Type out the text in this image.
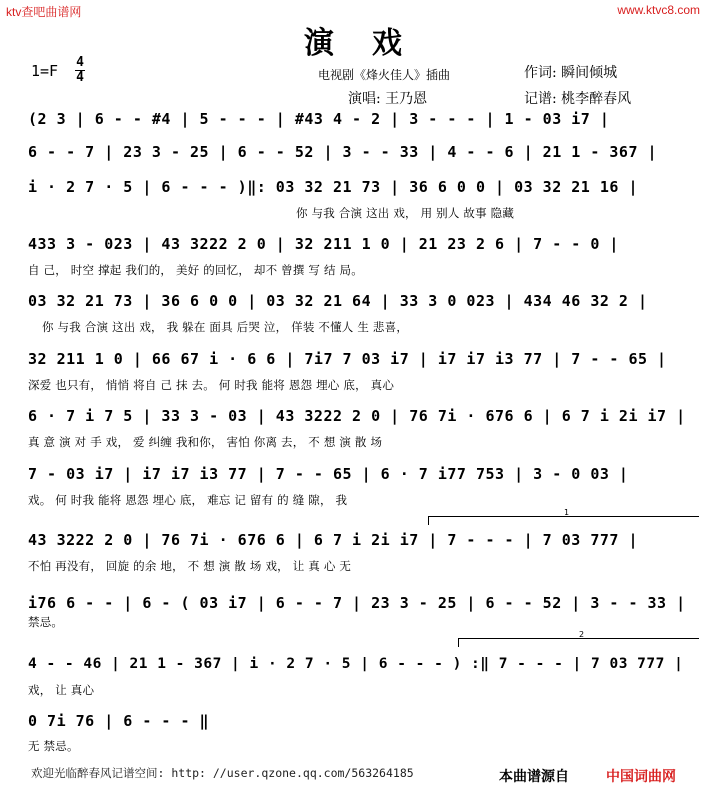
ktv查吧曲谱网	www.ktvc8.com
演戏
1=F 4
4	电视剧《烽火佳人》插曲	作词: 瞬间倾城
演唱: 王乃恩	记谱: 桃李醉春风
(2 3 | 6 - - #4 | 5 - - - | #43 4 - 2 | 3 - - - | 1 - 03 i7 |
6 - - 7 | 23 3 - 25 | 6 - - 52 | 3 - - 33 | 4 - - 6 | 21 1 - 367 |
i · 2 7 · 5 | 6 - - - )‖: 03 32 21 73 | 36 6 0 0 | 03 32 21 16 |
你 与我 合演 这出 戏， 用 别人 故事 隐藏
433 3 - 023 | 43 3222 2 0 | 32 211 1 0 | 21 23 2 6 | 7 - - 0 |
自 己， 时空 撑起 我们的， 美好 的回忆， 却不 曾撰 写 结 局。
03 32 21 73 | 36 6 0 0 | 03 32 21 64 | 33 3 0 023 | 434 46 32 2 |
你 与我 合演 这出 戏， 我 躲在 面具 后哭 泣， 佯装 不懂人 生 悲喜，
32 211 1 0 | 66 67 i · 6 6 | 7i7 7 03 i7 | i7 i7 i3 77 | 7 - - 65 |
深爱 也只有， 悄悄 将自 己 抹 去。 何 时我 能将 恩怨 埋心 底， 真心
6 · 7 i 7 5 | 33 3 - 03 | 43 3222 2 0 | 76 7i · 676 6 | 6 7 i 2i i7 |
真 意 演 对 手 戏， 爱 纠缠 我和你， 害怕 你离 去， 不 想 演 散 场
7 - 03 i7 | i7 i7 i3 77 | 7 - - 65 | 6 · 7 i77 753 | 3 - 0 03 |
戏。 何 时我 能将 恩怨 埋心 底， 难忘 记 留有 的 缝 隙， 我
1
43 3222 2 0 | 76 7i · 676 6 | 6 7 i 2i i7 | 7 - - - | 7 03 777 |
不怕 再没有， 回旋 的余 地， 不 想 演 散 场 戏， 让 真 心 无
i76 6 - - | 6 - ( 03 i7 | 6 - - 7 | 23 3 - 25 | 6 - - 52 | 3 - - 33 |
禁忌。
2
4 - - 46 | 21 1 - 367 | i · 2 7 · 5 | 6 - - - ) :‖ 7 - - - | 7 03 777 |
戏， 让 真心
0 7i 76 | 6 - - - ‖
无 禁忌。
欢迎光临醉春风记谱空间: http: //user.qzone.qq.com/563264185	本曲谱源自	中国词曲网
